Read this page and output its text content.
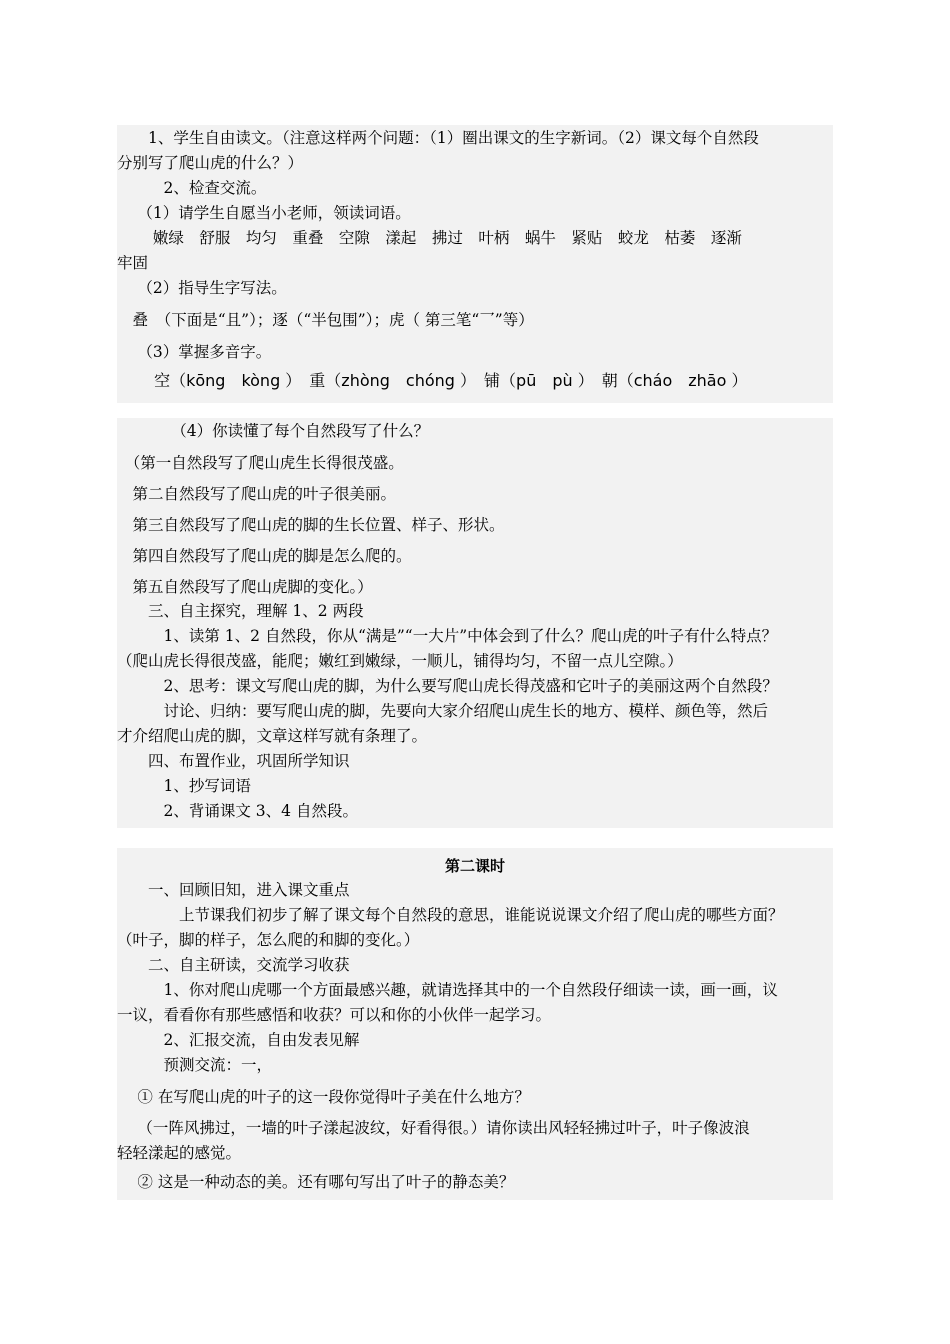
　　1、学生自由读文。（注意这样两个问题：（1）圈出课文的生字新词。（2）课文每个自然段
分别写了爬山虎的什么？）
　　　2、检查交流。
　 （1）请学生自愿当小老师，领读词语。
　　 嫩绿　舒服　均匀　重叠　空隙　漾起　拂过　叶柄　蜗牛　紧贴　蛟龙　枯萎　逐渐
牢固
　 （2）指导生字写法。
　叠　（下面是“且”）；逐（“半包围”）；虎（ 第三笔“乛”等）
　 （3）掌握多音字。
　　 空（kōng　kòng ）　重（zhòng　chóng ）　铺（pū　pù ）　朝（cháo　zhāo ）
　　　　（4）你读懂了每个自然段写了什么？
　（第一自然段写了爬山虎生长得很茂盛。
　第二自然段写了爬山虎的叶子很美丽。
　第三自然段写了爬山虎的脚的生长位置、样子、形状。
　第四自然段写了爬山虎的脚是怎么爬的。
　第五自然段写了爬山虎脚的变化。）
　　三、自主探究，理解 1、2 两段
　　　1、读第 1、2 自然段，你从“满是”“一大片”中体会到了什么？爬山虎的叶子有什么特点？
（爬山虎长得很茂盛，能爬；嫩红到嫩绿，一顺儿，铺得均匀，不留一点儿空隙。）
　　　2、思考：课文写爬山虎的脚，为什么要写爬山虎长得茂盛和它叶子的美丽这两个自然段？
　　　讨论、归纳：要写爬山虎的脚，先要向大家介绍爬山虎生长的地方、模样、颜色等，然后
才介绍爬山虎的脚，文章这样写就有条理了。
　　四、布置作业，巩固所学知识
　　　1、抄写词语
　　　2、背诵课文 3、4 自然段。
第二课时
　　一、回顾旧知，进入课文重点
　　　　上节课我们初步了解了课文每个自然段的意思，谁能说说课文介绍了爬山虎的哪些方面？
（叶子，脚的样子，怎么爬的和脚的变化。）
　　二、自主研读，交流学习收获
　　　1、你对爬山虎哪一个方面最感兴趣，就请选择其中的一个自然段仔细读一读，画一画，议
一议，看看你有那些感悟和收获？可以和你的小伙伴一起学习。
　　　2、汇报交流，自由发表见解
　　　预测交流：一，
　 ① 在写爬山虎的叶子的这一段你觉得叶子美在什么地方？
　 （一阵风拂过，一墙的叶子漾起波纹，好看得很。）请你读出风轻轻拂过叶子，叶子像波浪
轻轻漾起的感觉。
　 ② 这是一种动态的美。还有哪句写出了叶子的静态美？
